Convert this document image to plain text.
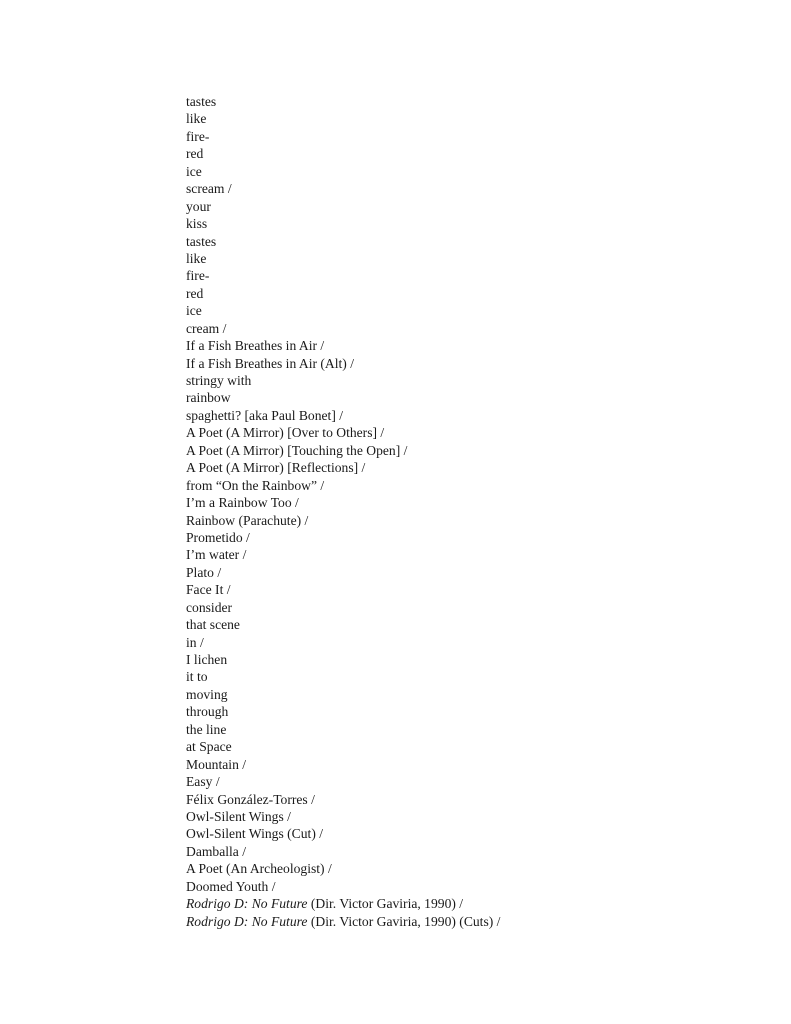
tastes
like
fire-
red
ice
scream /
your
kiss
tastes
like
fire-
red
ice
cream /
If a Fish Breathes in Air /
If a Fish Breathes in Air (Alt) /
stringy with
rainbow
spaghetti? [aka Paul Bonet] /
A Poet (A Mirror) [Over to Others] /
A Poet (A Mirror) [Touching the Open] /
A Poet (A Mirror) [Reflections] /
from “On the Rainbow” /
I’m a Rainbow Too /
Rainbow (Parachute) /
Prometido /
I’m water /
Plato /
Face It /
consider
that scene
in /
I lichen
it to
moving
through
the line
at Space
Mountain /
Easy /
Félix González-Torres /
Owl-Silent Wings /
Owl-Silent Wings (Cut) /
Damballa /
A Poet (An Archeologist) /
Doomed Youth /
Rodrigo D: No Future (Dir. Victor Gaviria, 1990) /
Rodrigo D: No Future (Dir. Victor Gaviria, 1990) (Cuts) /
